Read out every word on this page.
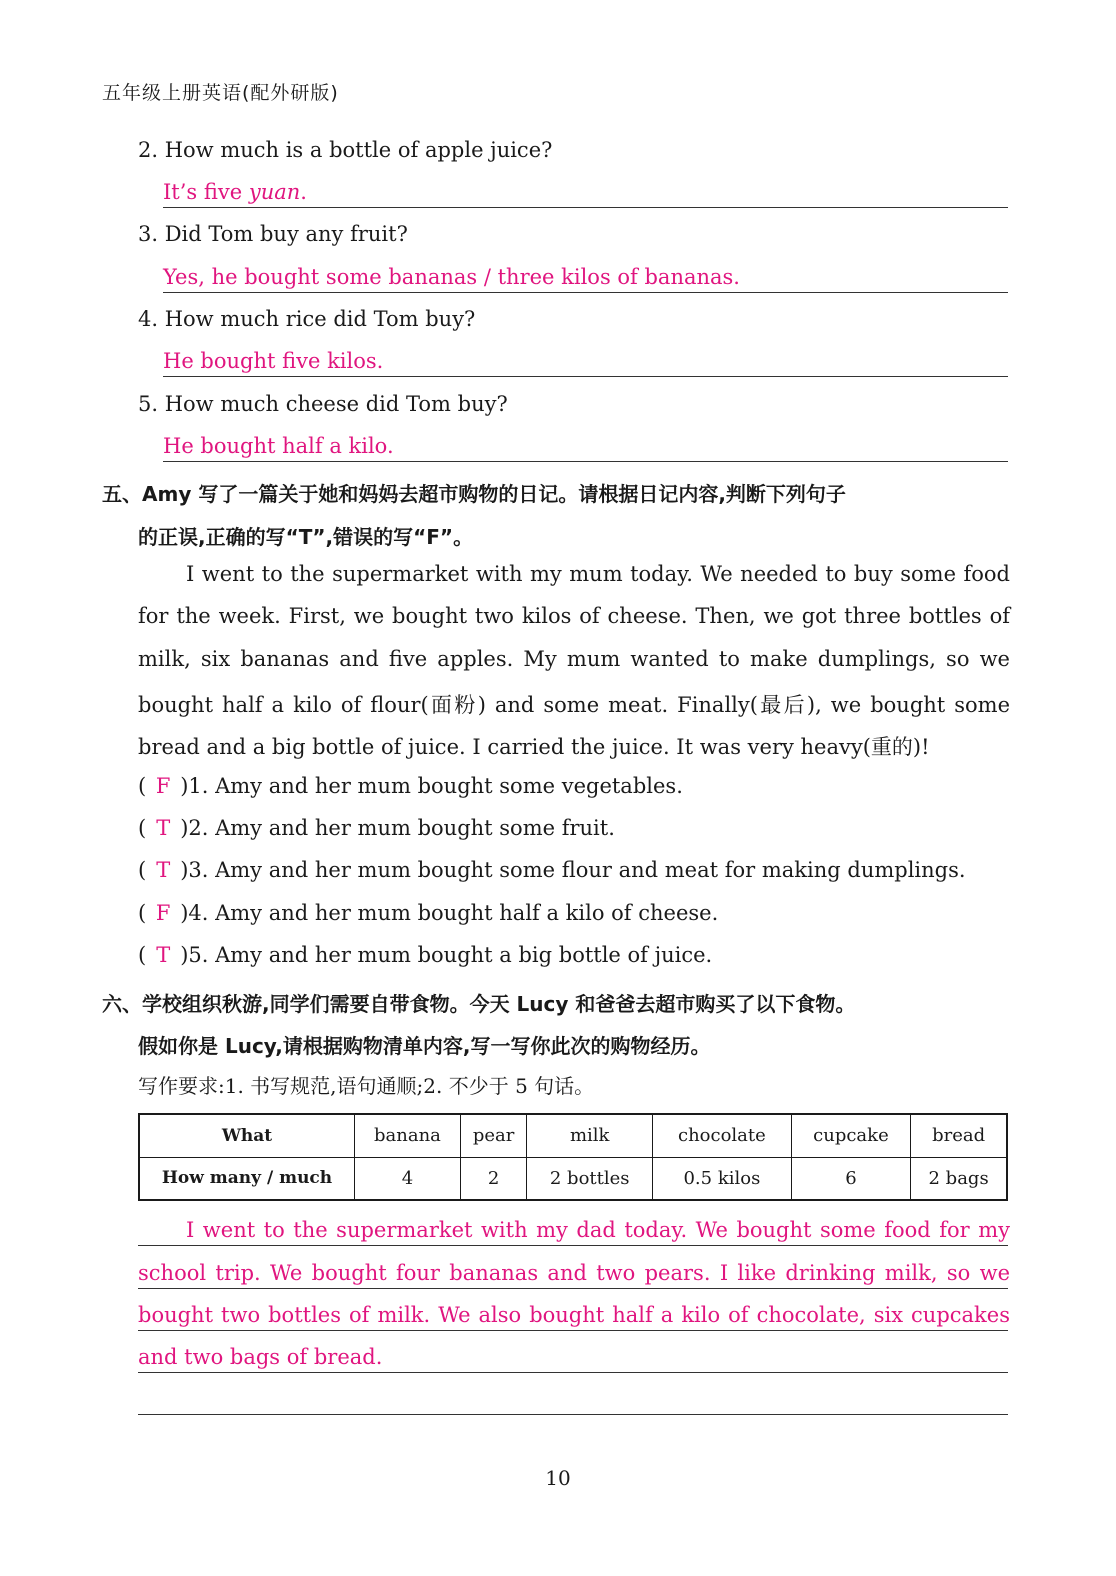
五年级上册英语(配外研版)
2. How much is a bottle of apple juice?
It’s five yuan.
3. Did Tom buy any fruit?
Yes, he bought some bananas / three kilos of bananas.
4. How much rice did Tom buy?
He bought five kilos.
5. How much cheese did Tom buy?
He bought half a kilo.
五、Amy 写了一篇关于她和妈妈去超市购物的日记。请根据日记内容,判断下列句子
的正误,正确的写“T”,错误的写“F”。
I went to the supermarket with my mum today. We needed to buy some food
for the week. First, we bought two kilos of cheese. Then, we got three bottles of
milk, six bananas and five apples. My mum wanted to make dumplings, so we
bought half a kilo of flour(面粉) and some meat. Finally(最后), we bought some
bread and a big bottle of juice. I carried the juice. It was very heavy(重的)!
( F )1. Amy and her mum bought some vegetables.
( T )2. Amy and her mum bought some fruit.
( T )3. Amy and her mum bought some flour and meat for making dumplings.
( F )4. Amy and her mum bought half a kilo of cheese.
( T )5. Amy and her mum bought a big bottle of juice.
六、学校组织秋游,同学们需要自带食物。今天 Lucy 和爸爸去超市购买了以下食物。
假如你是 Lucy,请根据购物清单内容,写一写你此次的购物经历。
写作要求:1. 书写规范,语句通顺;2. 不少于 5 句话。
What	banana	pear	milk	chocolate	cupcake	bread
How many / much	4	2	2 bottles	0.5 kilos	6	2 bags
I went to the supermarket with my dad today. We bought some food for my
school trip. We bought four bananas and two pears. I like drinking milk, so we
bought two bottles of milk. We also bought half a kilo of chocolate, six cupcakes
and two bags of bread.
10
